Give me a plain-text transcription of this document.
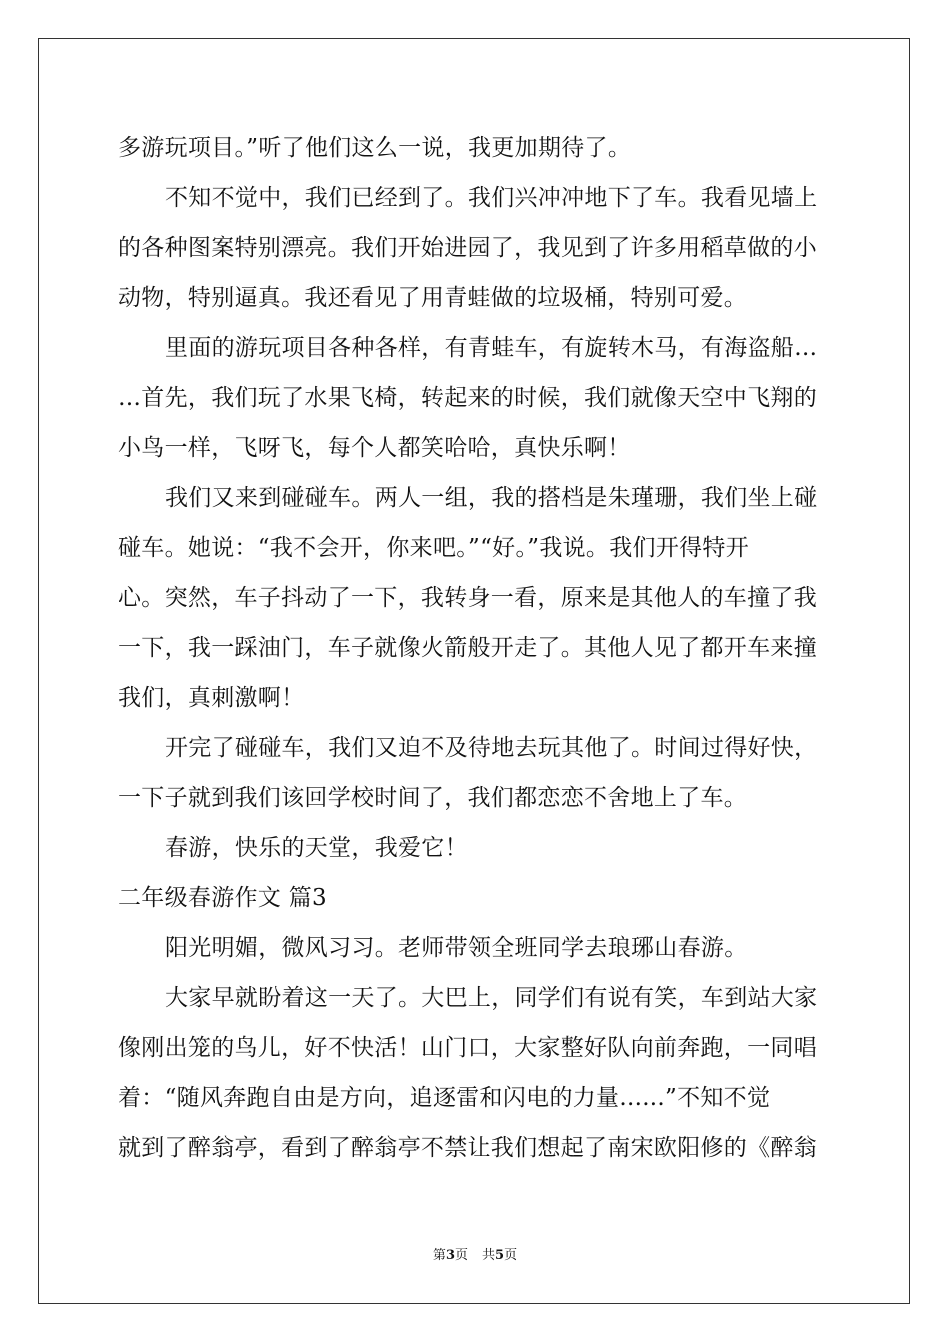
多游玩项目。”听了他们这么一说，我更加期待了。
不知不觉中，我们已经到了。我们兴冲冲地下了车。我看见墙上
的各种图案特别漂亮。我们开始进园了，我见到了许多用稻草做的小
动物，特别逼真。我还看见了用青蛙做的垃圾桶，特别可爱。
里面的游玩项目各种各样，有青蛙车，有旋转木马，有海盗船…
…首先，我们玩了水果飞椅，转起来的时候，我们就像天空中飞翔的
小鸟一样，飞呀飞，每个人都笑哈哈，真快乐啊！
我们又来到碰碰车。两人一组，我的搭档是朱瑾珊，我们坐上碰
碰车。她说：“我不会开，你来吧。”“好。”我说。我们开得特开
心。突然，车子抖动了一下，我转身一看，原来是其他人的车撞了我
一下，我一踩油门，车子就像火箭般开走了。其他人见了都开车来撞
我们，真刺激啊！
开完了碰碰车，我们又迫不及待地去玩其他了。时间过得好快，
一下子就到我们该回学校时间了，我们都恋恋不舍地上了车。
春游，快乐的天堂，我爱它！
二年级春游作文 篇3
阳光明媚，微风习习。老师带领全班同学去琅琊山春游。
大家早就盼着这一天了。大巴上，同学们有说有笑，车到站大家
像刚出笼的鸟儿，好不快活！山门口，大家整好队向前奔跑，一同唱
着：“随风奔跑自由是方向，追逐雷和闪电的力量......”不知不觉
就到了醉翁亭，看到了醉翁亭不禁让我们想起了南宋欧阳修的《醉翁
第3页 共5页
